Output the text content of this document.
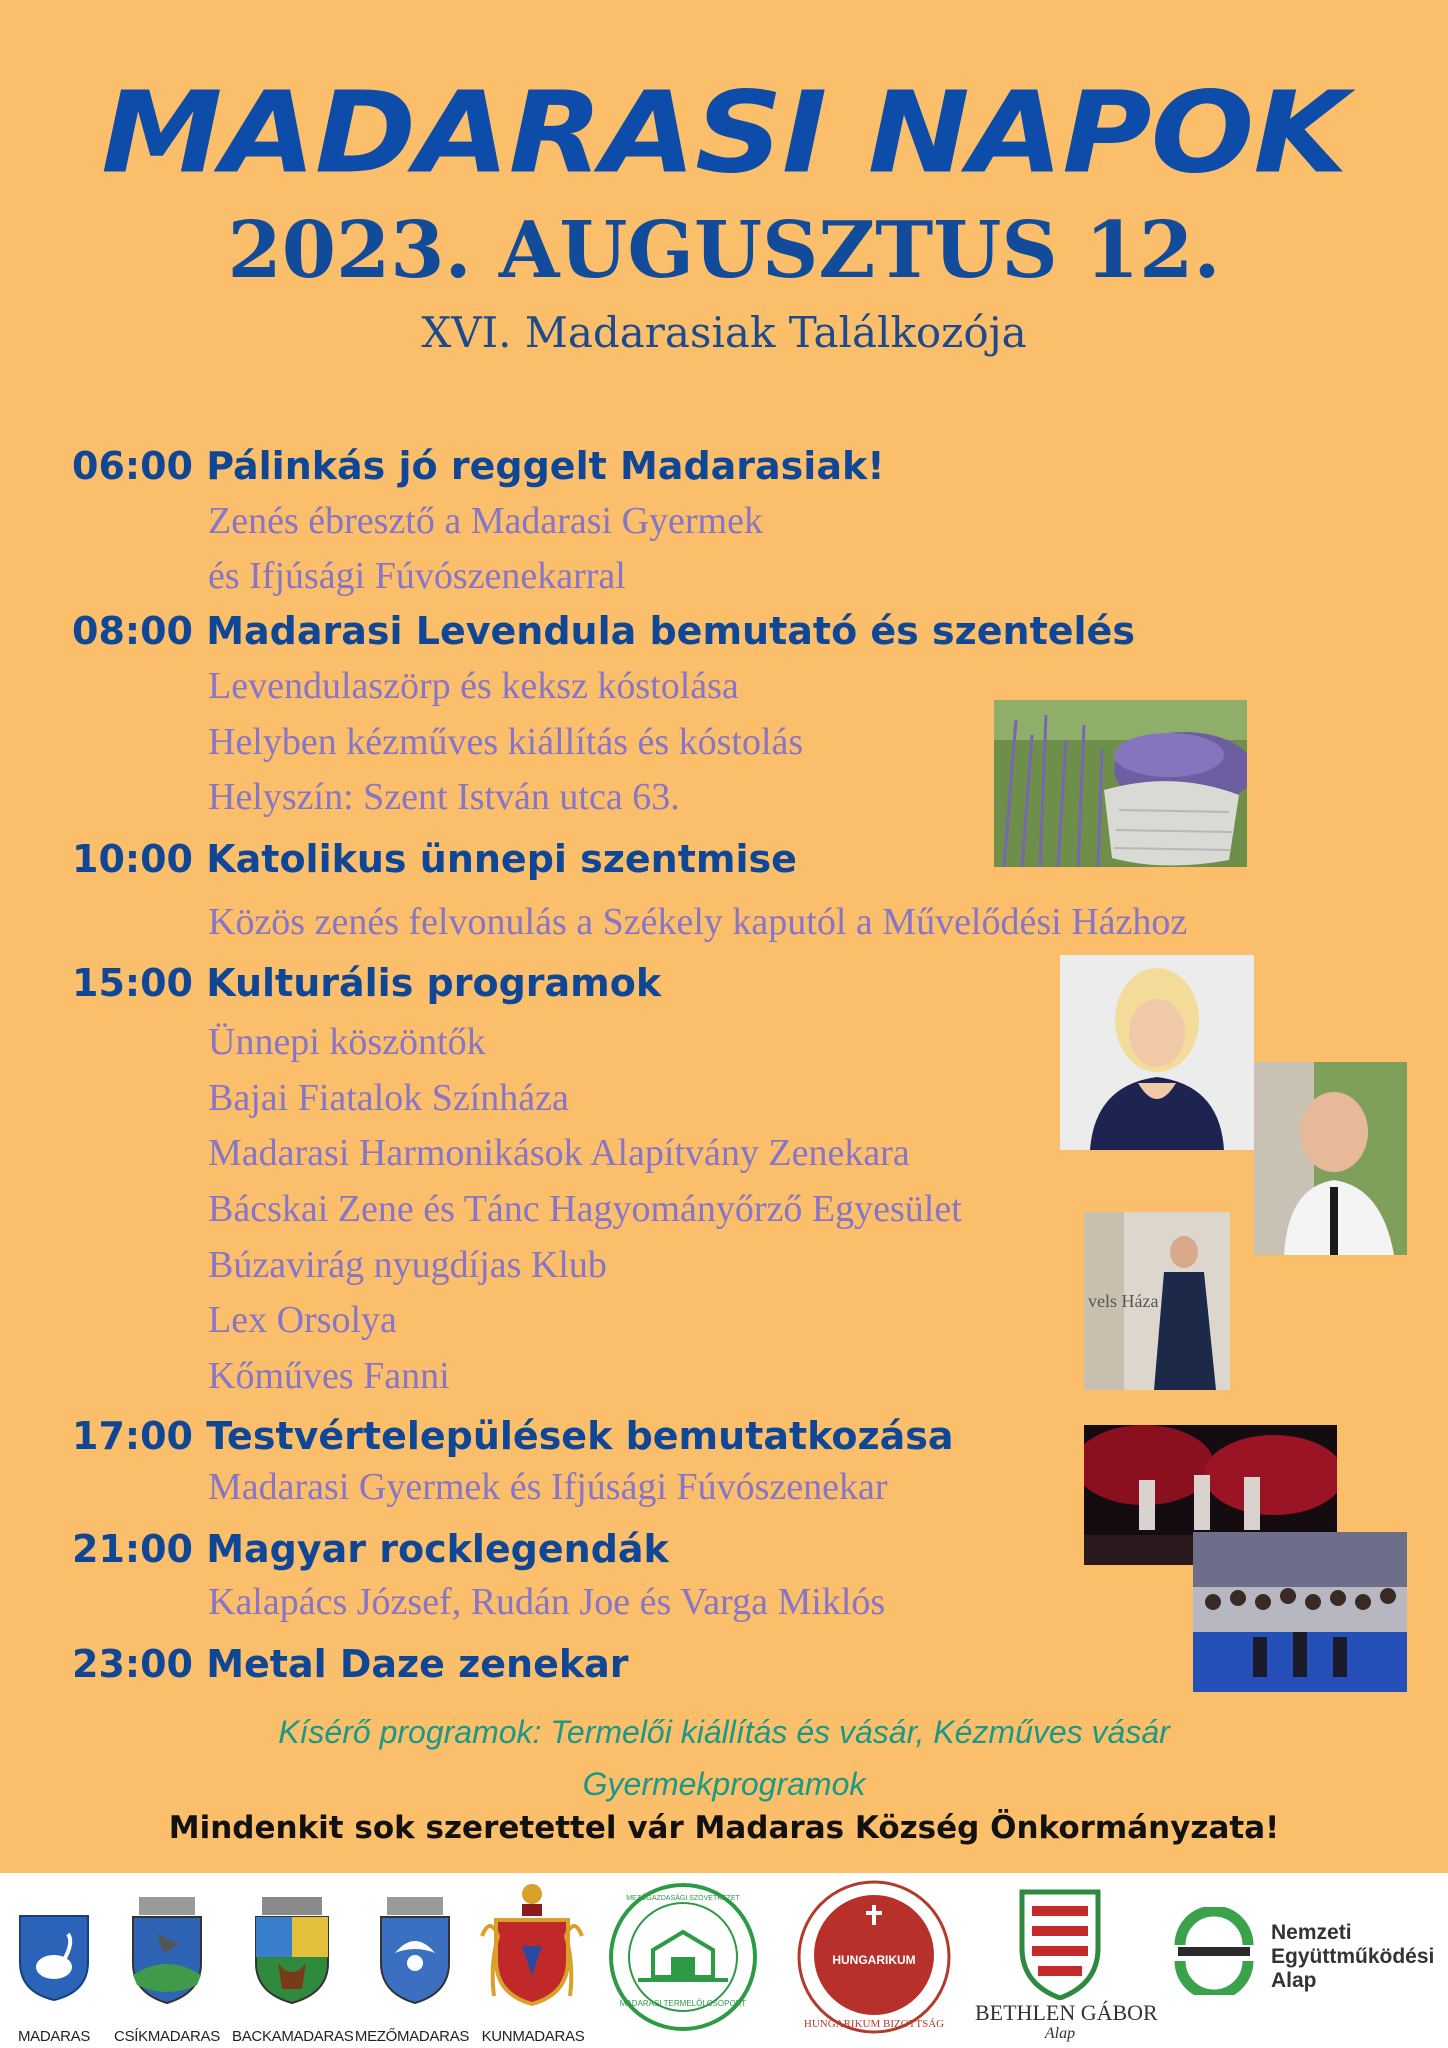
MADARASI NAPOK
2023. AUGUSZTUS 12.
XVI. Madarasiak Találkozója
06:00 Pálinkás jó reggelt Madarasiak!
Zenés ébresztő a Madarasi Gyermek
és Ifjúsági Fúvószenekarral
08:00 Madarasi Levendula bemutató és szentelés
Levendulaszörp és keksz kóstolása
Helyben kézműves kiállítás és kóstolás
Helyszín: Szent István utca 63.
10:00 Katolikus ünnepi szentmise
Közös zenés felvonulás a Székely kaputól a Művelődési Házhoz
15:00 Kulturális programok
Ünnepi köszöntők
Bajai Fiatalok Színháza
Madarasi Harmonikások Alapítvány Zenekara
Bácskai Zene és Tánc Hagyományőrző Egyesület
Búzavirág nyugdíjas Klub
Lex Orsolya
Kőműves Fanni
17:00 Testvértelepülések bemutatkozása
Madarasi Gyermek és Ifjúsági Fúvószenekar
21:00 Magyar rocklegendák
Kalapács József, Rudán Joe és Varga Miklós
23:00 Metal Daze zenekar
vels Háza
Kísérő programok: Termelői kiállítás és vásár, Kézműves vásár
Gyermekprogramok
Mindenkit sok szeretettel vár Madaras Község Önkormányzata!
MADARAS	CSÍKMADARAS BACKAMADARAS MEZŐMADARAS KUNMADARAS
MEZŐGAZDASÁGI SZÖVETKEZET
MADARASI TERMELŐI CSOPORT
HUNGARIKUM
HUNGARIKUM BIZOTTSÁG BETHLEN GÁBOR
Alap
Nemzeti
Együttműködési
Alap
